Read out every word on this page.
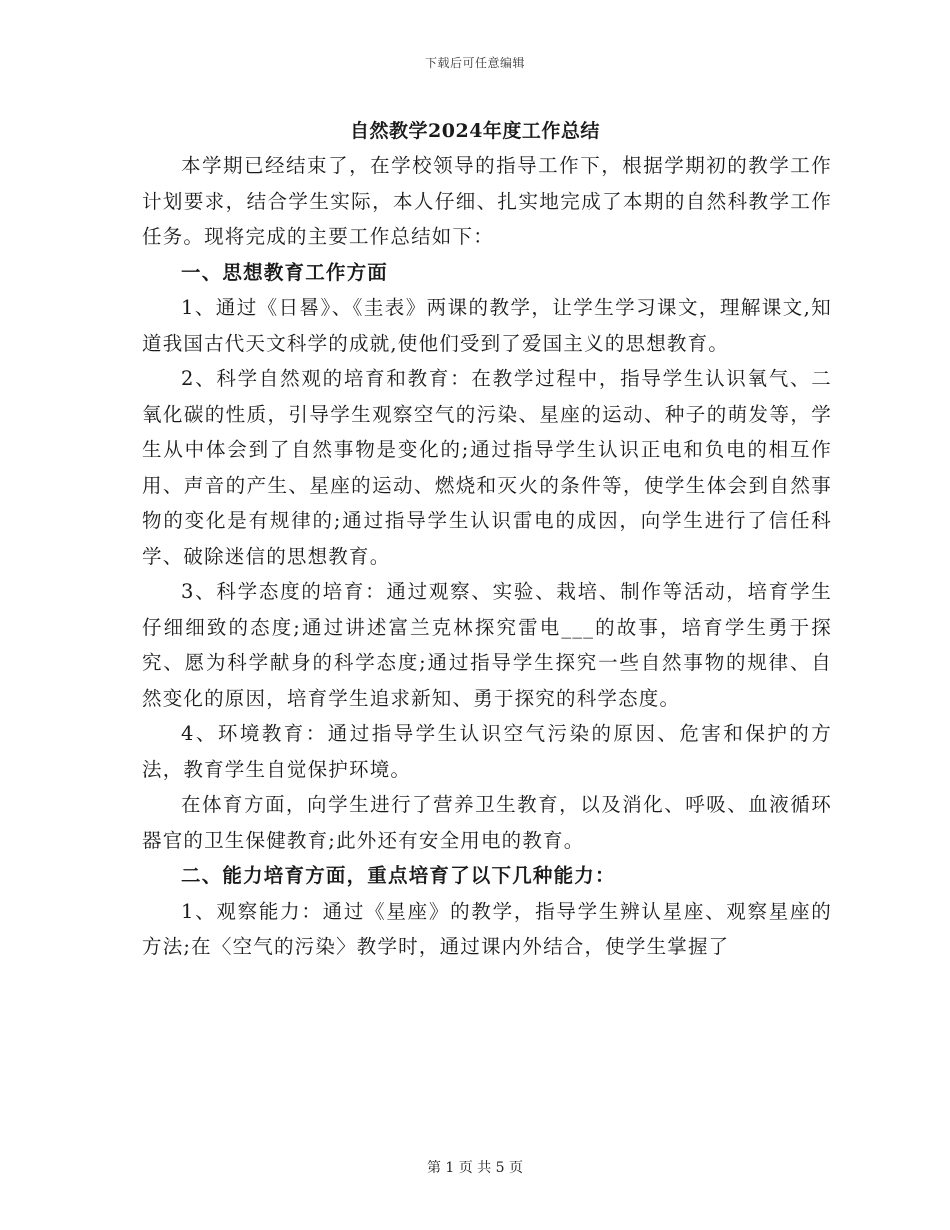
下载后可任意编辑
自然教学2024年度工作总结

本学期已经结束了，在学校领导的指导工作下，根据学期初的教学工作计划要求，结合学生实际，本人仔细、扎实地完成了本期的自然科教学工作任务。现将完成的主要工作总结如下：

一、思想教育工作方面

1、通过《日晷》、《圭表》两课的教学，让学生学习课文，理解课文,知道我国古代天文科学的成就,使他们受到了爱国主义的思想教育。

2、科学自然观的培育和教育：在教学过程中，指导学生认识氧气、二氧化碳的性质，引导学生观察空气的污染、星座的运动、种子的萌发等，学生从中体会到了自然事物是变化的;通过指导学生认识正电和负电的相互作用、声音的产生、星座的运动、燃烧和灭火的条件等，使学生体会到自然事物的变化是有规律的;通过指导学生认识雷电的成因，向学生进行了信任科学、破除迷信的思想教育。

3、科学态度的培育：通过观察、实验、栽培、制作等活动，培育学生仔细细致的态度;通过讲述富兰克林探究雷电___的故事，培育学生勇于探究、愿为科学献身的科学态度;通过指导学生探究一些自然事物的规律、自然变化的原因，培育学生追求新知、勇于探究的科学态度。

4、环境教育：通过指导学生认识空气污染的原因、危害和保护的方法，教育学生自觉保护环境。

在体育方面，向学生进行了营养卫生教育，以及消化、呼吸、血液循环器官的卫生保健教育;此外还有安全用电的教育。

二、能力培育方面，重点培育了以下几种能力：

1、观察能力：通过《星座》的教学，指导学生辨认星座、观察星座的方法;在〈空气的污染〉教学时，通过课内外结合，使学生掌握了

第 1 页 共 5 页
